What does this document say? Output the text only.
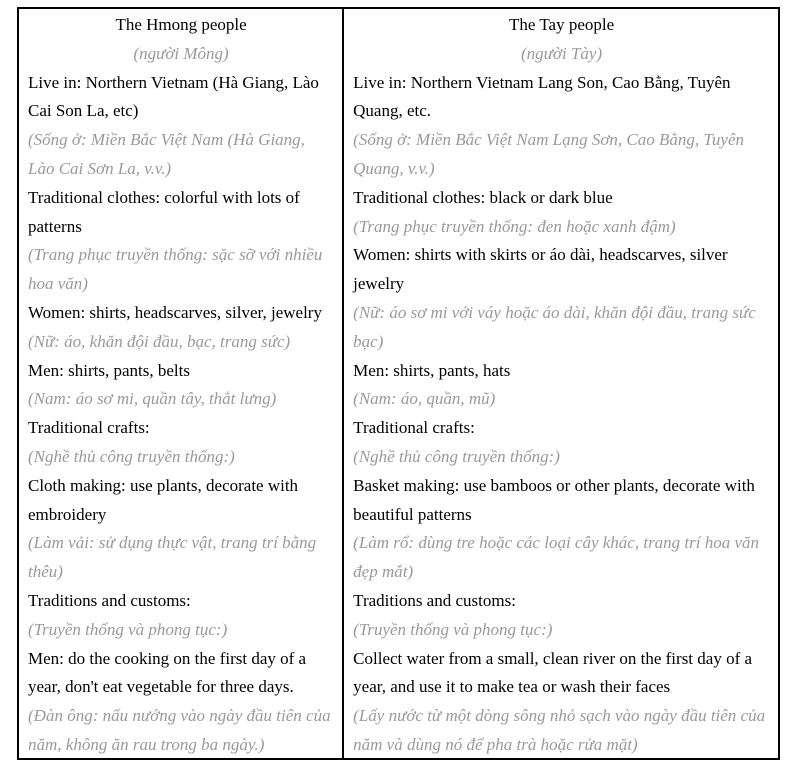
The Hmong people
(người Mông)

Live in: Northern Vietnam (Hà Giang, Lào Cai Son La, etc)

(Sống ở: Miền Bắc Việt Nam (Hà Giang, Lào Cai Sơn La, v.v.)

Traditional clothes: colorful with lots of patterns

(Trang phục truyền thống: sặc sỡ với nhiều hoa văn)

Women: shirts, headscarves, silver, jewelry

(Nữ: áo, khăn đội đầu, bạc, trang sức)

Men: shirts, pants, belts

(Nam: áo sơ mi, quần tây, thắt lưng)

Traditional crafts:

(Nghề thủ công truyền thống:)

Cloth making: use plants, decorate with embroidery

(Làm vải: sử dụng thực vật, trang trí bằng thêu)

Traditions and customs:

(Truyền thống và phong tục:)

Men: do the cooking on the first day of a year, don't eat vegetable for three days.

(Đàn ông: nấu nướng vào ngày đầu tiên của năm, không ăn rau trong ba ngày.)

The Tay people
(người Tày)

Live in: Northern Vietnam Lang Son, Cao Bằng, Tuyên Quang, etc.

(Sống ở: Miền Bắc Việt Nam Lạng Sơn, Cao Bằng, Tuyên Quang, v.v.)

Traditional clothes: black or dark blue

(Trang phục truyền thống: đen hoặc xanh đậm)

Women: shirts with skirts or áo dài, headscarves, silver jewelry

(Nữ: áo sơ mi với váy hoặc áo dài, khăn đội đầu, trang sức bạc)

Men: shirts, pants, hats

(Nam: áo, quần, mũ)

Traditional crafts:

(Nghề thủ công truyền thống:)

Basket making: use bamboos or other plants, decorate with beautiful patterns

(Làm rổ: dùng tre hoặc các loại cây khác, trang trí hoa văn đẹp mắt)

Traditions and customs:

(Truyền thống và phong tục:)

Collect water from a small, clean river on the first day of a year, and use it to make tea or wash their faces

(Lấy nước từ một dòng sông nhỏ sạch vào ngày đầu tiên của năm và dùng nó để pha trà hoặc rửa mặt)
